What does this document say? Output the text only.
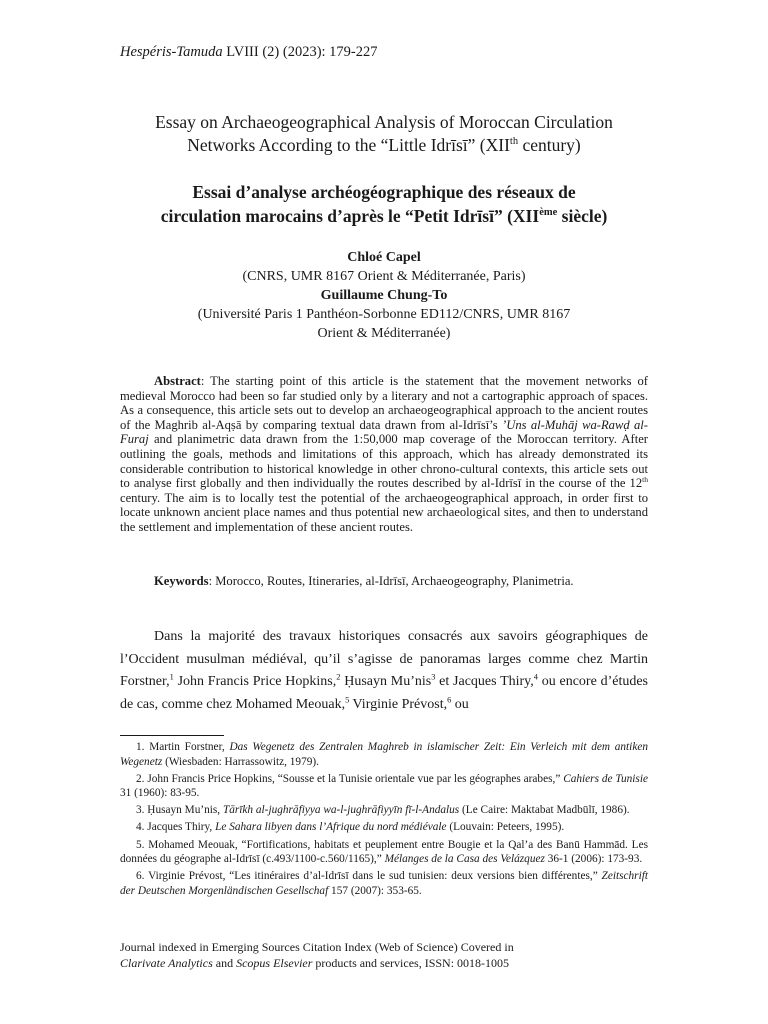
Hespéris-Tamuda LVIII (2) (2023): 179-227
Essay on Archaeogeographical Analysis of Moroccan Circulation
Networks According to the “Little Idrīsī” (XIIth century)
Essai d’analyse archéogéographique des réseaux de
circulation marocains d’après le “Petit Idrīsī” (XIIème siècle)
Chloé Capel
(CNRS, UMR 8167 Orient & Méditerranée, Paris)
Guillaume Chung-To
(Université Paris 1 Panthéon-Sorbonne ED112/CNRS, UMR 8167
Orient & Méditerranée)
Abstract: The starting point of this article is the statement that the movement networks of medieval Morocco had been so far studied only by a literary and not a cartographic approach of spaces. As a consequence, this article sets out to develop an archaeogeographical approach to the ancient routes of the Maghrib al-Aqṣā by comparing textual data drawn from al-Idrīsī’s ’Uns al-Muhāj wa-Rawḍ al-Furaj and planimetric data drawn from the 1:50,000 map coverage of the Moroccan territory. After outlining the goals, methods and limitations of this approach, which has already demonstrated its considerable contribution to historical knowledge in other chrono-cultural contexts, this article sets out to analyse first globally and then individually the routes described by al-Idrīsī in the course of the 12th century. The aim is to locally test the potential of the archaeogeographical approach, in order first to locate unknown ancient place names and thus potential new archaeological sites, and then to understand the settlement and implementation of these ancient routes.
Keywords: Morocco, Routes, Itineraries, al-Idrīsī, Archaeogeography, Planimetria.
Dans la majorité des travaux historiques consacrés aux savoirs géographiques de l’Occident musulman médiéval, qu’il s’agisse de panoramas larges comme chez Martin Forstner,$^1$ John Francis Price Hopkins,$^2$ Ḥusayn Mu’nis$^3$ et Jacques Thiry,$^4$ ou encore d’études de cas, comme chez Mohamed Meouak,$^5$ Virginie Prévost,$^6$ ou

1. Martin Forstner, Das Wegenetz des Zentralen Maghreb in islamischer Zeit: Ein Verleich mit dem antiken Wegenetz (Wiesbaden: Harrassowitz, 1979).

2. John Francis Price Hopkins, “Sousse et la Tunisie orientale vue par les géographes arabes,” Cahiers de Tunisie 31 (1960): 83-95.

3. Ḥusayn Mu’nis, Tārīkh al-jughrāfiyya wa-l-jughrāfiyyīn fī-l-Andalus (Le Caire: Maktabat Madbūlī, 1986).

4. Jacques Thiry, Le Sahara libyen dans l’Afrique du nord médiévale (Louvain: Peteers, 1995).

5. Mohamed Meouak, “Fortifications, habitats et peuplement entre Bougie et la Qal’a des Banū Hammād. Les données du géographe al-Idrīsī (c.493/1100-c.560/1165),” Mélanges de la Casa des Velázquez 36-1 (2006): 173-93.

6. Virginie Prévost, “Les itinéraires d’al-Idrīsī dans le sud tunisien: deux versions bien différentes,” Zeitschrift der Deutschen Morgenländischen Gesellschaf 157 (2007): 353-65.

Journal indexed in Emerging Sources Citation Index (Web of Science) Covered in
Clarivate Analytics and Scopus Elsevier products and services, ISSN: 0018-1005
